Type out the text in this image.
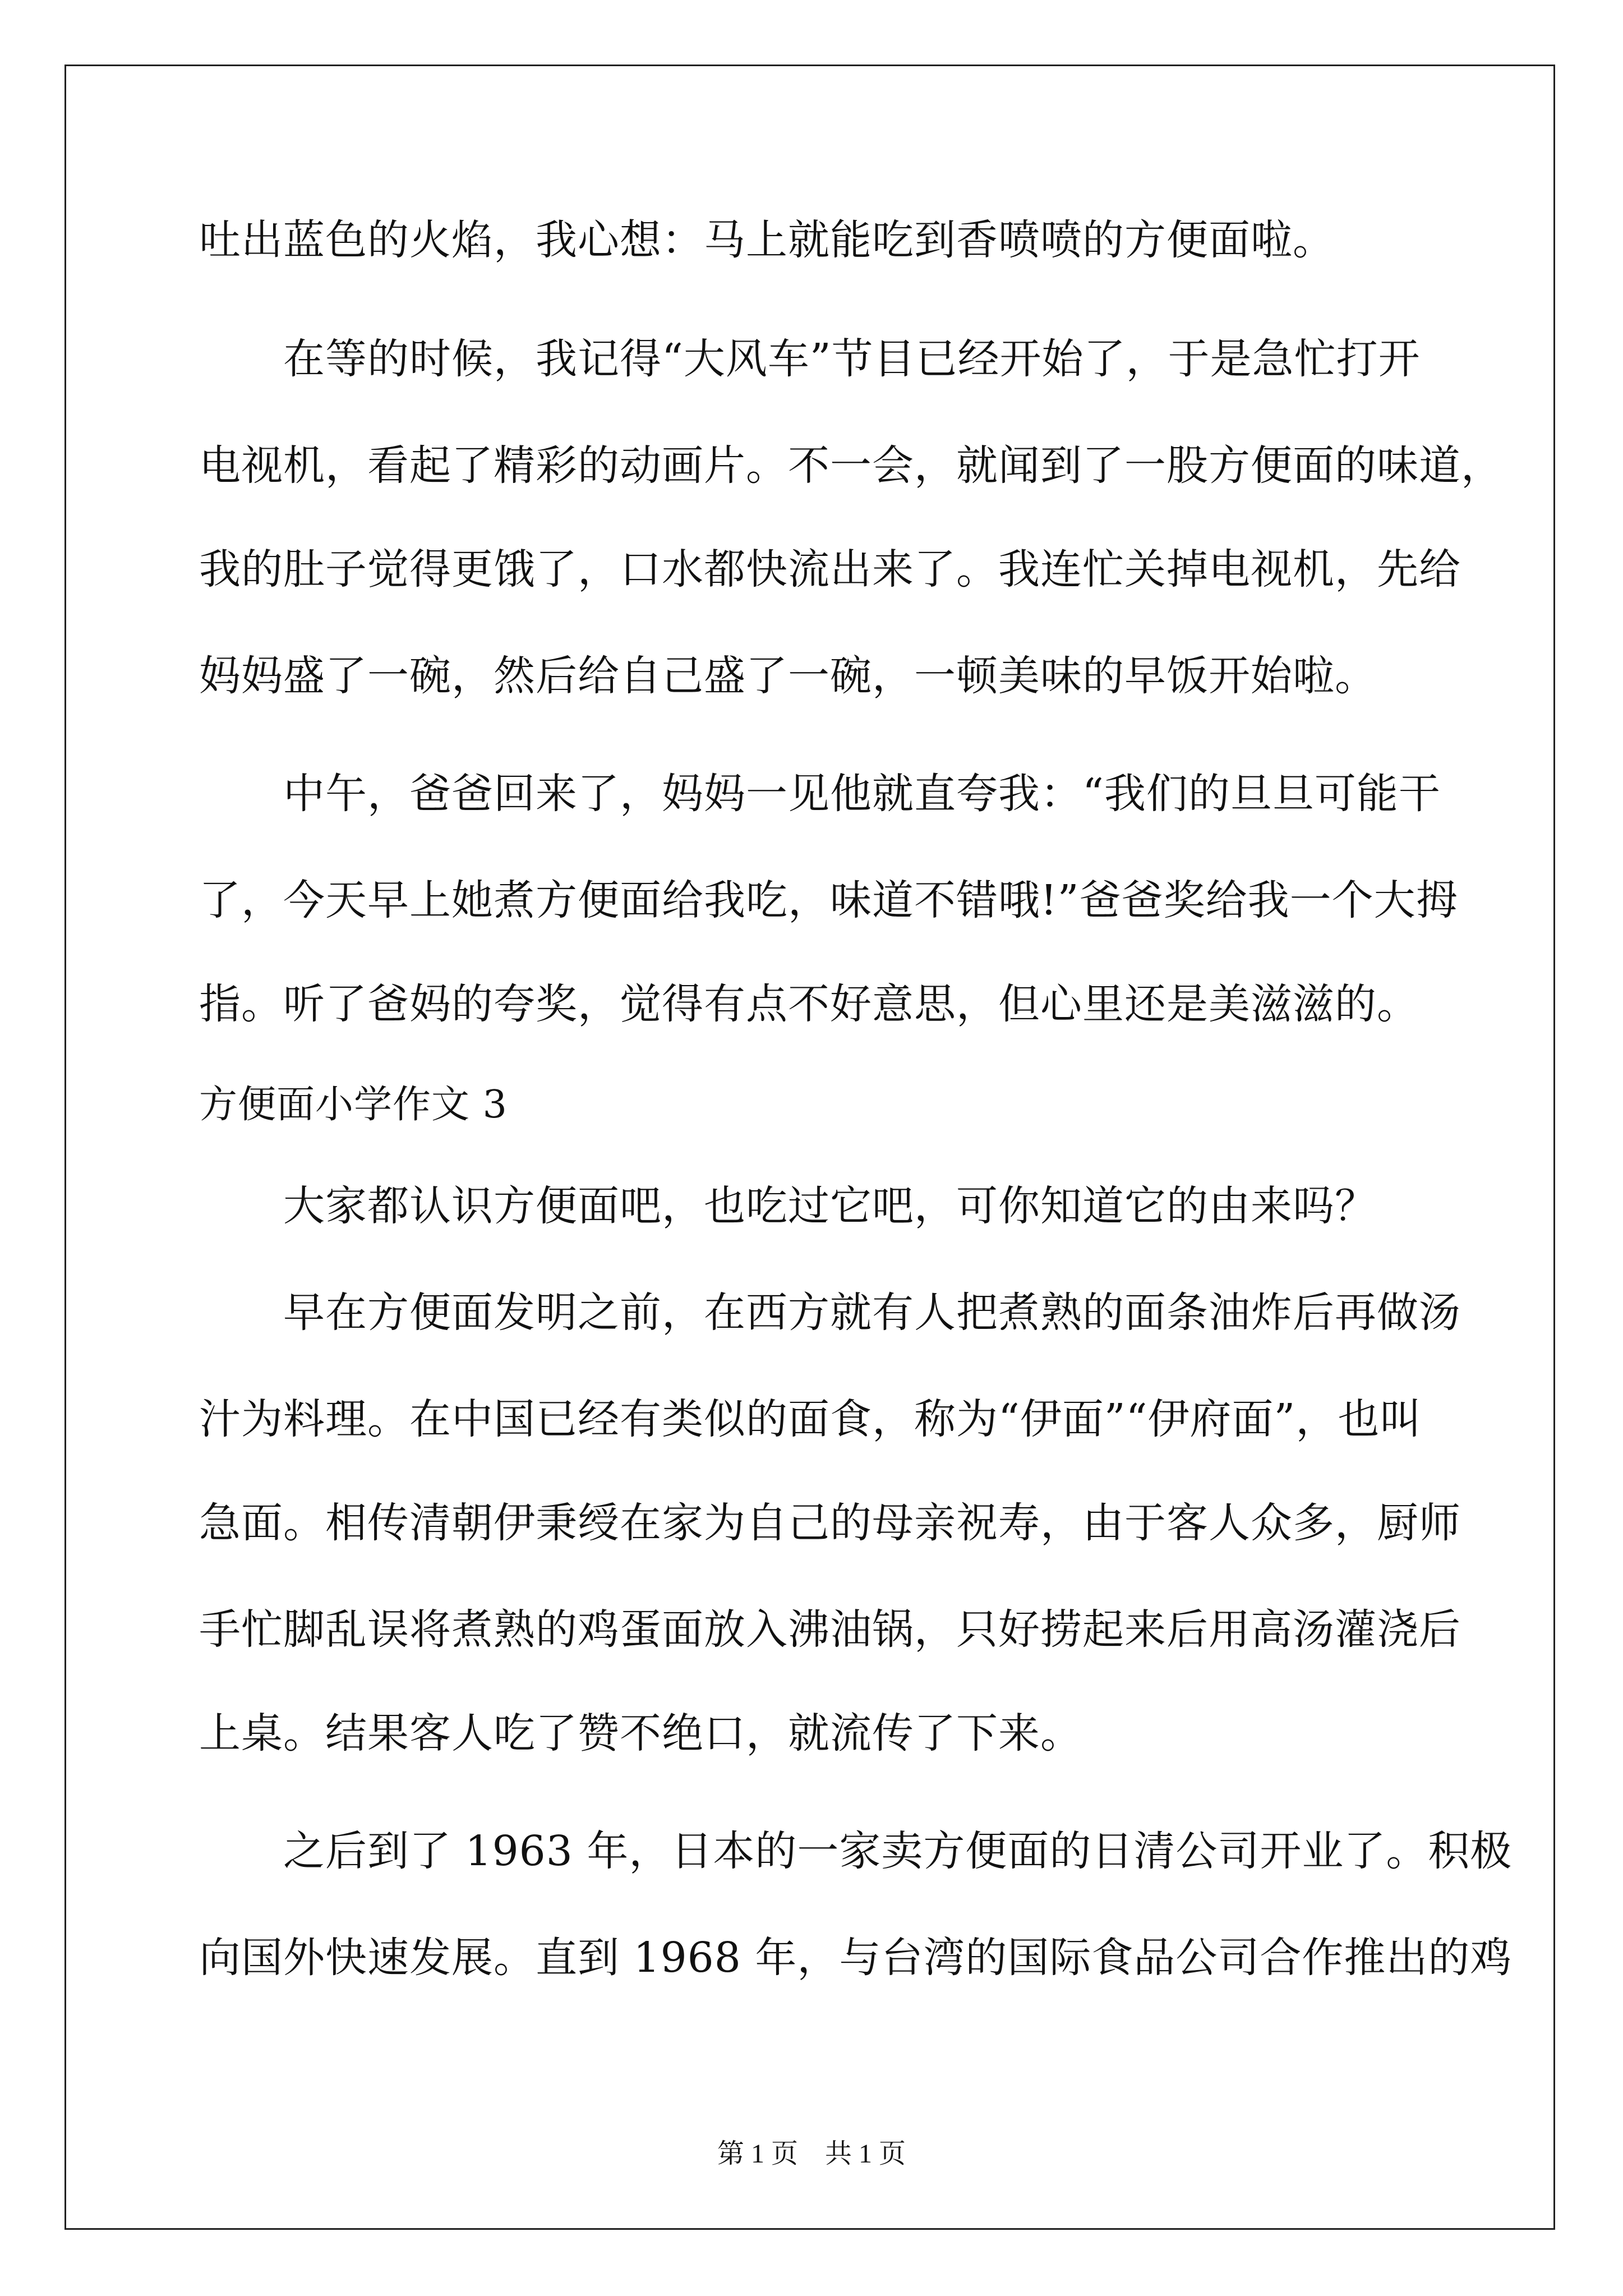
吐出蓝色的火焰，我心想：马上就能吃到香喷喷的方便面啦。
　　在等的时候，我记得“大风车”节目已经开始了，于是急忙打开
电视机，看起了精彩的动画片。不一会，就闻到了一股方便面的味道，
我的肚子觉得更饿了，口水都快流出来了。我连忙关掉电视机，先给
妈妈盛了一碗，然后给自己盛了一碗，一顿美味的早饭开始啦。
　　中午，爸爸回来了，妈妈一见他就直夸我：“我们的旦旦可能干
了，今天早上她煮方便面给我吃，味道不错哦!”爸爸奖给我一个大拇
指。听了爸妈的夸奖，觉得有点不好意思，但心里还是美滋滋的。
方便面小学作文 3
　　大家都认识方便面吧，也吃过它吧，可你知道它的由来吗？
　　早在方便面发明之前，在西方就有人把煮熟的面条油炸后再做汤
汁为料理。在中国已经有类似的面食，称为“伊面”“伊府面”，也叫
急面。相传清朝伊秉绶在家为自己的母亲祝寿，由于客人众多，厨师
手忙脚乱误将煮熟的鸡蛋面放入沸油锅，只好捞起来后用高汤灌浇后
上桌。结果客人吃了赞不绝口，就流传了下来。
　　之后到了 1963 年，日本的一家卖方便面的日清公司开业了。积极
向国外快速发展。直到 1968 年，与台湾的国际食品公司合作推出的鸡
第 1 页 共 1 页
